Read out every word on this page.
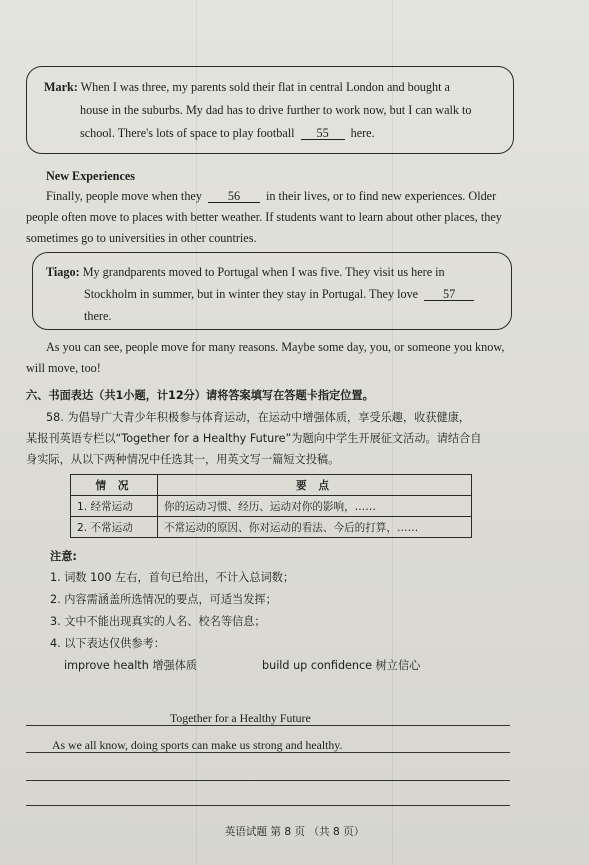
Mark: When I was three, my parents sold their flat in central London and bought a
house in the suburbs. My dad has to drive further to work now, but I can walk to
school. There's lots of space to play football 55 here.
New Experiences
Finally, people move when they 56 in their lives, or to find new experiences. Older
people often move to places with better weather. If students want to learn about other places, they
sometimes go to universities in other countries.
Tiago: My grandparents moved to Portugal when I was five. They visit us here in
Stockholm in summer, but in winter they stay in Portugal. They love 57
there.
As you can see, people move for many reasons. Maybe some day, you, or someone you know,
will move, too!
六、书面表达（共1小题，计12分）请将答案填写在答题卡指定位置。
58. 为倡导广大青少年积极参与体育运动，在运动中增强体质，享受乐趣，收获健康，
某报刊英语专栏以“Together for a Healthy Future”为题向中学生开展征文活动。请结合自
身实际，从以下两种情况中任选其一，用英文写一篇短文投稿。
情 况	要 点
1. 经常运动	你的运动习惯、经历、运动对你的影响，……
2. 不常运动	不常运动的原因、你对运动的看法、今后的打算，……
注意:
1. 词数 100 左右，首句已给出，不计入总词数；
2. 内容需涵盖所选情况的要点，可适当发挥；
3. 文中不能出现真实的人名、校名等信息；
4. 以下表达仅供参考：
improve health 增强体质	build up confidence 树立信心
Together for a Healthy Future
As we all know, doing sports can make us strong and healthy.
英语试题 第 8 页 （共 8 页）
